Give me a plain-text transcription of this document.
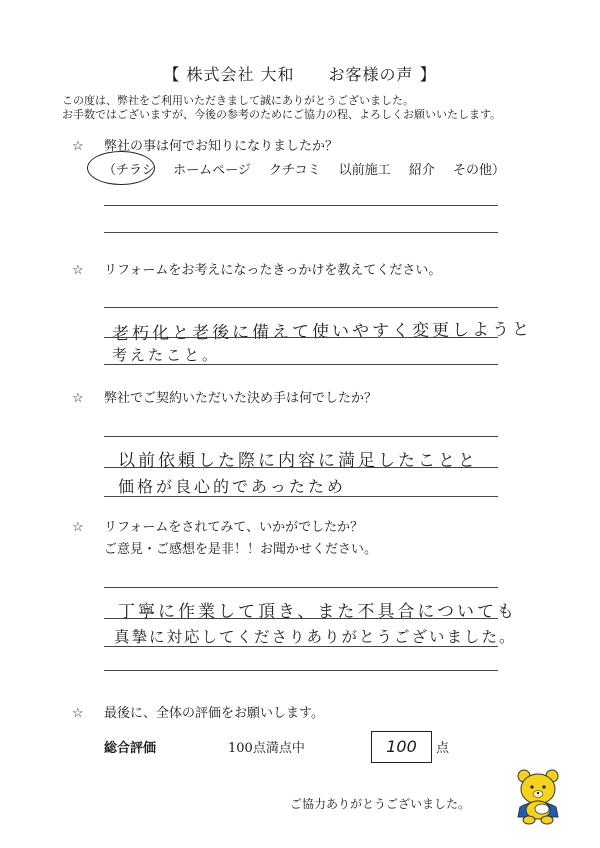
【 株式会社 大和　　お客様の声 】
この度は、弊社をご利用いただきまして誠にありがとうございました。
お手数ではございますが、今後の参考のためにご協力の程、よろしくお願いいたします。
☆ 弊社の事は何でお知りになりましたか？
（チラシ ホームページ クチコミ 以前施工 紹介 その他）
☆ リフォームをお考えになったきっかけを教えてください。
老朽化と老後に備えて使いやすく変更しようと
考えたこと。
☆ 弊社でご契約いただいた決め手は何でしたか？
以前依頼した際に内容に満足したことと
価格が良心的であったため
☆ リフォームをされてみて、いかがでしたか？
ご意見・ご感想を是非！！お聞かせください。
丁寧に作業して頂き、また不具合についても
真摯に対応してくださりありがとうございました。
☆ 最後に、全体の評価をお願いします。
総合評価	100点満点中	100	点
ご協力ありがとうございました。
